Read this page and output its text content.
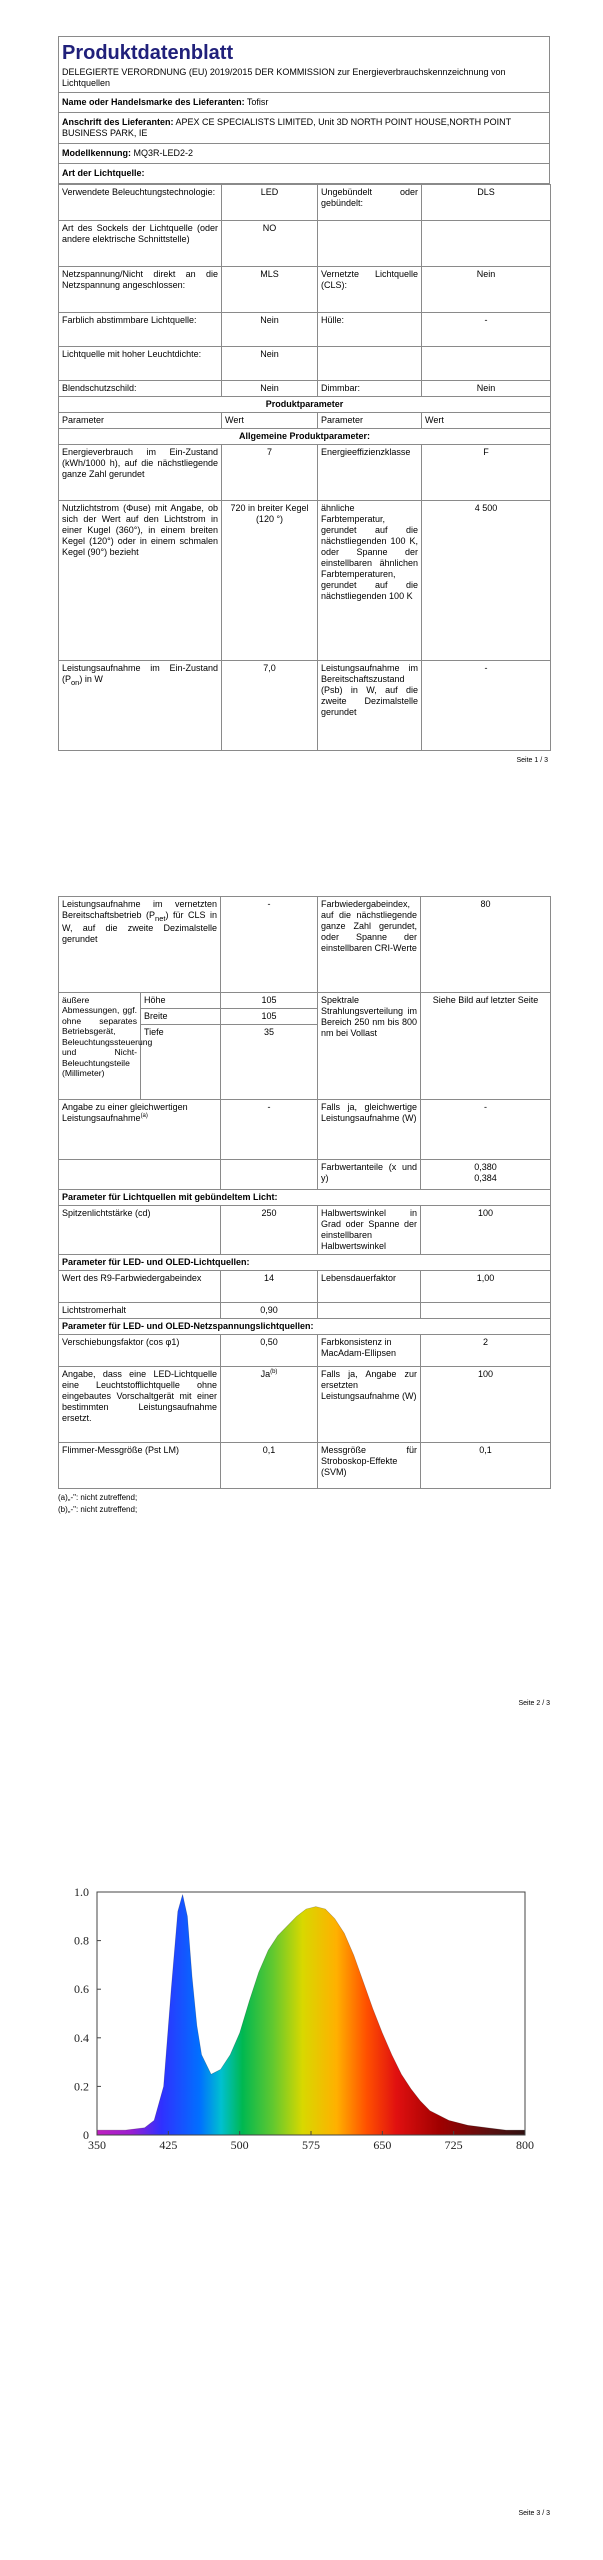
Produktdatenblatt
DELEGIERTE VERORDNUNG (EU) 2019/2015 DER KOMMISSION zur Energieverbrauchskennzeichnung von Lichtquellen
Name oder Handelsmarke des Lieferanten: Tofisr
Anschrift des Lieferanten: APEX CE SPECIALISTS LIMITED, Unit 3D NORTH POINT HOUSE,NORTH POINT BUSINESS PARK, IE
Modellkennung: MQ3R-LED2-2
Art der Lichtquelle:
Verwendete Beleuchtungstechnologie:	LED	Ungebündelt oder gebündelt:	DLS
Art des Sockels der Lichtquelle (oder andere elektrische Schnittstelle)	NO		
Netzspannung/Nicht direkt an die Netzspannung angeschlossen:	MLS	Vernetzte Lichtquelle (CLS):	Nein
Farblich abstimmbare Lichtquelle:	Nein	Hülle:	-
Lichtquelle mit hoher Leuchtdichte:	Nein		
Blendschutzschild:	Nein	Dimmbar:	Nein
Produktparameter			
Parameter	Wert	Parameter	Wert
Allgemeine Produktparameter:			
Energieverbrauch im Ein-Zustand (kWh/1000 h), auf die nächstliegende ganze Zahl gerundet	7	Energieeffizienzklasse	F
Nutzlichtstrom (Φuse) mit Angabe, ob sich der Wert auf den Lichtstrom in einer Kugel (360°), in einem breiten Kegel (120°) oder in einem schmalen Kegel (90°) bezieht	720 in breiter Kegel (120 °)	ähnliche Farbtemperatur, gerundet auf die nächstliegenden 100 K, oder Spanne der einstellbaren ähnlichen Farbtemperaturen, gerundet auf die nächstliegenden 100 K	4 500
Leistungsaufnahme im Ein-Zustand $(P_{on})$ in W	7,0	Leistungsaufnahme im Bereitschaftszustand (Psb) in W, auf die zweite Dezimalstelle gerundet	-
Seite 1 / 3
Leistungsaufnahme im vernetzten Bereitschaftsbetrieb $(P_{net})$ für CLS in W, auf die zweite Dezimalstelle gerundet		-	Farbwiedergabeindex, auf die nächstliegende ganze Zahl gerundet, oder Spanne der einstellbaren CRI-Werte	80
äußere Abmessungen, ggf. ohne separates Betriebsgerät, Beleuchtungssteuerung und Nicht-Beleuchtungsteile (Millimeter)	Höhe	105	Spektrale Strahlungsverteilung im Bereich 250 nm bis 800 nm bei Vollast	Siehe Bild auf letzter Seite
	Breite	105		
	Tiefe	35		
Angabe zu einer gleichwertigen Leistungsaufnahme$^{(a)}$		-	Falls ja, gleichwertige Leistungsaufnahme (W)	-
			Farbwertanteile (x und y)	0,380
0,384
Parameter für Lichtquellen mit gebündeltem Licht:				
Spitzenlichtstärke (cd)		250	Halbwertswinkel in Grad oder Spanne der einstellbaren Halbwertswinkel	100
Parameter für LED- und OLED-Lichtquellen:				
Wert des R9-Farbwiedergabeindex		14	Lebensdauerfaktor	1,00
Lichtstromerhalt		0,90		
Parameter für LED- und OLED-Netzspannungslichtquellen:				
Verschiebungsfaktor (cos φ1)		0,50	Farbkonsistenz in MacAdam-Ellipsen	2
Angabe, dass eine LED-Lichtquelle eine Leuchtstofflichtquelle ohne eingebautes Vorschaltgerät mit einer bestimmten Leistungsaufnahme ersetzt.		Ja$^{(b)}$	Falls ja, Angabe zur ersetzten Leistungsaufnahme (W)	100
Flimmer-Messgröße (Pst LM)		0,1	Messgröße für Stroboskop-Effekte (SVM)	0,1
(a)„-": nicht zutreffend;
(b)„-": nicht zutreffend;
Seite 2 / 3
350	425	500	575	650	725	800
0
0.2
0.4
0.6
0.8
1.0
Seite 3 / 3
